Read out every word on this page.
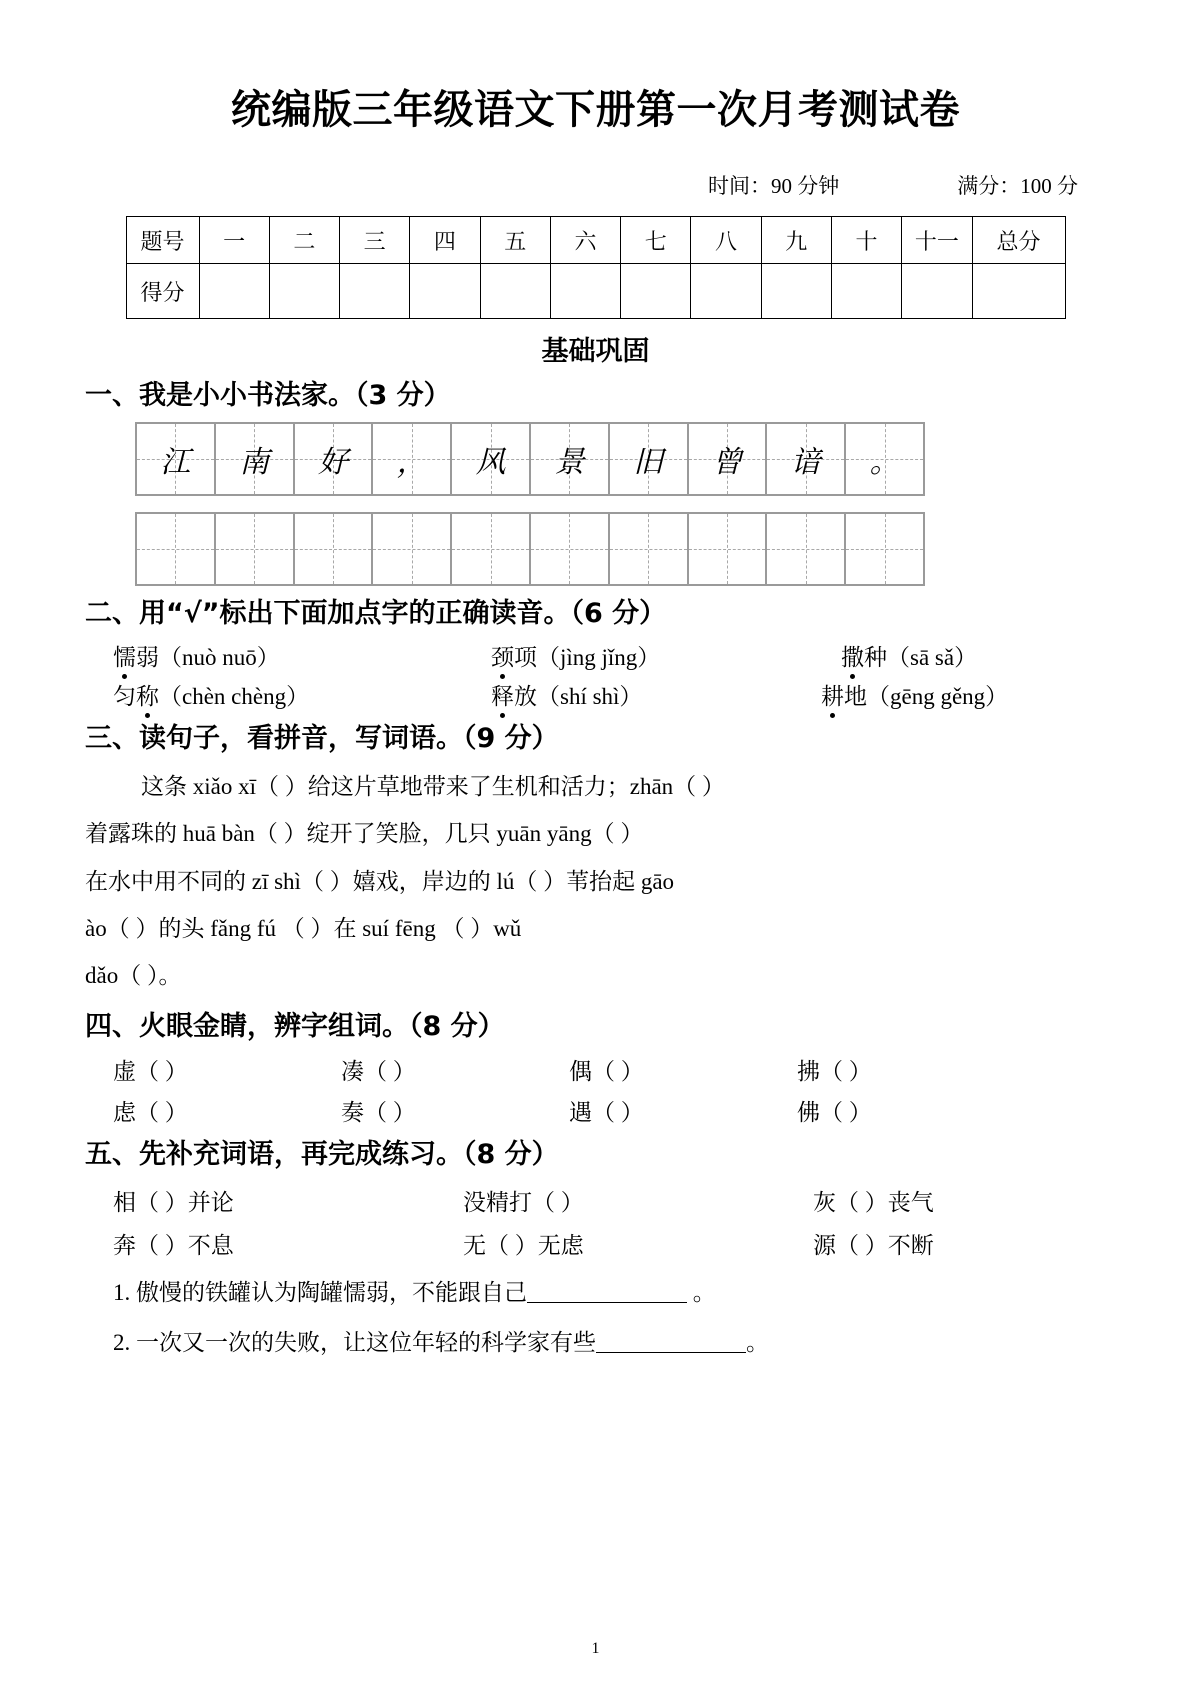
统编版三年级语文下册第一次月考测试卷
时间：90 分钟	满分：100 分
题号	一	二	三	四	五	六	七	八	九	十	十一	总分
得分												
基础巩固
一、我是小小书法家。（3 分）
江 南 好 ， 风 景 旧 曾 谙 。
二、用“√”标出下面加点字的正确读音。（6 分）
懦弱（nuò nuō）	颈项（jìng jǐng）	撒种（sā sǎ）
匀称（chèn chèng）	释放（shí shì）	耕地（gēng gěng）
三、读句子，看拼音，写词语。（9 分）
这条 xiǎo xī（ ）给这片草地带来了生机和活力；zhān（ ）
着露珠的 huā bàn（ ）绽开了笑脸，几只 yuān yāng（ ）
在水中用不同的 zī shì（ ）嬉戏，岸边的 lú（ ）苇抬起 gāo
ào（ ）的头 fǎng fú （ ）在 suí fēng （ ）wǔ
dǎo（ ）。
四、火眼金睛，辨字组词。（8 分）
虚（ ）	凑（ ）	偶（ ）	拂（ ）
虑（ ）	奏（ ）	遇（ ）	佛（ ）
五、先补充词语，再完成练习。（8 分）
相（ ）并论	没精打（ ）	灰（ ）丧气
奔（ ）不息	无（ ）无虑	源（ ）不断
1. 傲慢的铁罐认为陶罐懦弱，不能跟自己	。
2. 一次又一次的失败，让这位年轻的科学家有些	。
1
